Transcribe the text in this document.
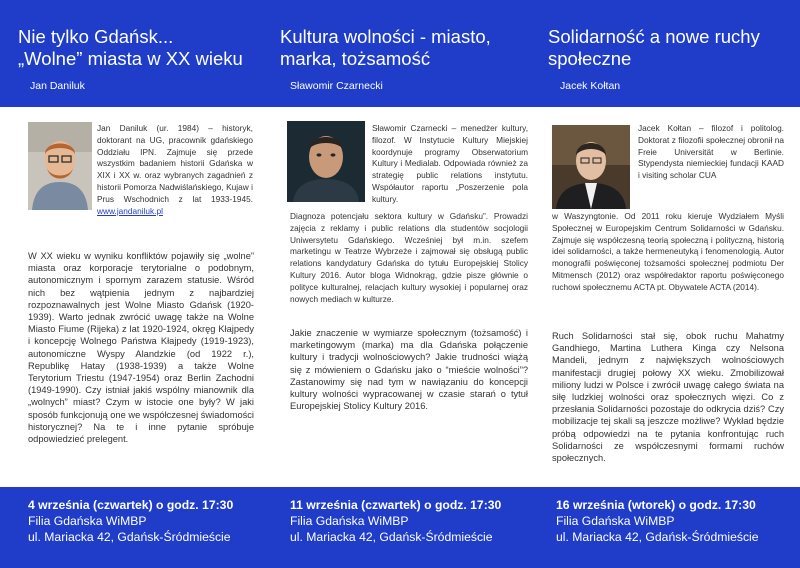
Nie tylko Gdańsk...
„Wolne” miasta w XX wieku
Kultura wolności - miasto,
marka, tożsamość
Solidarność a nowe ruchy
społeczne
Jan Daniluk	Sławomir Czarnecki	Jacek Kołtan
Jan Daniluk (ur. 1984) – historyk, doktorant na UG, pracownik gdańskiego Oddziału IPN. Zajmuje się przede wszystkim badaniem historii Gdańska w XIX i XX w. oraz wybranych zagadnień z historii Pomorza Nadwiślańskiego, Kujaw i Prus Wschodnich z lat 1933-1945. www.jandaniluk.pl
Sławomir Czarnecki – menedżer kultury, filozof. W Instytucie Kultury Miejskiej koordynuje programy Obserwatorium Kultury i Medialab. Odpowiada również za strategię public relations instytutu. Współautor raportu „Poszerzenie pola kultury.
Diagnoza potencjału sektora kultury w Gdańsku”. Prowadzi zajęcia z reklamy i public relations dla studentów socjologii Uniwersytetu Gdańskiego. Wcześniej był m.in. szefem marketingu w Teatrze Wybrzeże i zajmował się obsługą public relations kandydatury Gdańska do tytułu Europejskiej Stolicy Kultury 2016. Autor bloga Widnokrąg, gdzie pisze głównie o polityce kulturalnej, relacjach kultury wysokiej i popularnej oraz nowych mediach w kulturze.
Jacek Kołtan – filozof i politolog. Doktorat z filozofii społecznej obronił na Freie Universität w Berlinie. Stypendysta niemieckiej fundacji KAAD i visiting scholar CUA
w Waszyngtonie. Od 2011 roku kieruje Wydziałem Myśli Społecznej w Europejskim Centrum Solidarności w Gdańsku. Zajmuje się współczesną teorią społeczną i polityczną, historią idei solidarności, a także hermeneutyką i fenomenologią. Autor monografii poświęconej tożsamości społecznej podmiotu Der Mitmensch (2012) oraz współredaktor raportu poświęconego ruchowi społecznemu ACTA pt. Obywatele ACTA (2014).
W XX wieku w wyniku konfliktów pojawiły się „wolne” miasta oraz korporacje terytorialne o podobnym, autonomicznym i spornym zarazem statusie. Wśród nich bez wątpienia jednym z najbardziej rozpoznawalnych jest Wolne Miasto Gdańsk (1920-1939). Warto jednak zwrócić uwagę także na Wolne Miasto Fiume (Rijeka) z lat 1920-1924, okręg Kłajpedy i koncepcję Wolnego Państwa Kłajpedy (1919-1923), autonomiczne Wyspy Alandzkie (od 1922 r.), Republikę Hatay (1938-1939) a także Wolne Terytorium Triestu (1947-1954) oraz Berlin Zachodni (1949-1990). Czy istniał jakiś wspólny mianownik dla „wolnych” miast? Czym w istocie one były? W jaki sposób funkcjonują one we współczesnej świadomości historycznej? Na te i inne pytanie spróbuje odpowiedzieć prelegent.
Jakie znaczenie w wymiarze społecznym (tożsamość) i marketingowym (marka) ma dla Gdańska połączenie kultury i tradycji wolnościowych? Jakie trudności wiążą się z mówieniem o Gdańsku jako o “mieście wolności”? Zastanowimy się nad tym w nawiązaniu do koncepcji kultury wolności wypracowanej w czasie starań o tytuł Europejskiej Stolicy Kultury 2016.
Ruch Solidarności stał się, obok ruchu Mahatmy Gandhiego, Martina Luthera Kinga czy Nelsona Mandeli, jednym z największych wolnościowych manifestacji drugiej połowy XX wieku. Zmobilizował miliony ludzi w Polsce i zwrócił uwagę całego świata na siłę ludzkiej wolności oraz społecznych więzi. Co z przesłania Solidarności pozostaje do odkrycia dziś? Czy mobilizacje tej skali są jeszcze możliwe? Wykład będzie próbą odpowiedzi na te pytania konfrontując ruch Solidarności ze współczesnymi formami ruchów społecznych.
4 września (czwartek) o godz. 17:30
Filia Gdańska WiMBP
ul. Mariacka 42, Gdańsk-Śródmieście
11 września (czwartek) o godz. 17:30
Filia Gdańska WiMBP
ul. Mariacka 42, Gdańsk-Śródmieście
16 września (wtorek) o godz. 17:30
Filia Gdańska WiMBP
ul. Mariacka 42, Gdańsk-Śródmieście
